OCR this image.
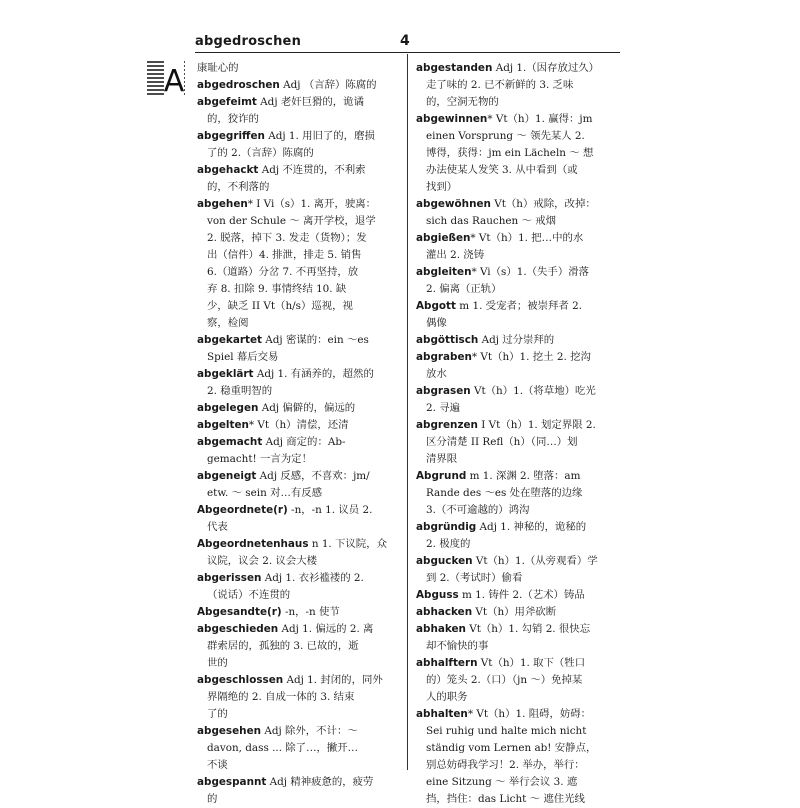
abgedroschen	4
A 康耻心的
abgedroschen Adj （言辞）陈腐的
abgefeimt Adj 老奸巨猾的，诡谲
的，狡诈的
abgegriffen Adj 1. 用旧了的，磨损
了的 2.（言辞）陈腐的
abgehackt Adj 不连贯的，不利索
的，不利落的
abgehen* I Vi（s）1. 离开，驶离：
von der Schule ～ 离开学校，退学
2. 脱落，掉下 3. 发走（货物）；发
出（信件）4. 排泄，排走 5. 销售
6.（道路）分岔 7. 不再坚持，放
弃 8. 扣除 9. 事情终结 10. 缺
少，缺乏 II Vt（h/s）巡视，视
察，检阅
abgekartet Adj 密谋的：ein ～es
Spiel 幕后交易
abgeklärt Adj 1. 有涵养的，超然的
2. 稳重明智的
abgelegen Adj 偏僻的，偏远的
abgelten* Vt（h）清偿，还清
abgemacht Adj 商定的：Ab-
gemacht! 一言为定！
abgeneigt Adj 反感，不喜欢：jm/
etw. ～ sein 对…有反感
Abgeordnete(r) -n，-n 1. 议员 2.
代表
Abgeordnetenhaus n 1. 下议院，众
议院，议会 2. 议会大楼
abgerissen Adj 1. 衣衫褴褛的 2.
（说话）不连贯的
Abgesandte(r) -n，-n 使节
abgeschieden Adj 1. 偏远的 2. 离
群索居的，孤独的 3. 已故的，逝
世的
abgeschlossen Adj 1. 封闭的，同外
界隔绝的 2. 自成一体的 3. 结束
了的
abgesehen Adj 除外，不计：～
davon, dass ... 除了…，撇开…
不谈
abgespannt Adj 精神疲惫的，疲劳
的
abgestanden Adj 1.（因存放过久）
走了味的 2. 已不新鲜的 3. 乏味
的，空洞无物的
abgewinnen* Vt（h）1. 赢得：jm
einen Vorsprung ～ 领先某人 2.
博得，获得：jm ein Lächeln ～ 想
办法使某人发笑 3. 从中看到（或
找到）
abgewöhnen Vt（h）戒除，改掉：
sich das Rauchen ～ 戒烟
abgießen* Vt（h）1. 把…中的水
灌出 2. 浇铸
abgleiten* Vi（s）1.（失手）滑落
2. 偏离（正轨）
Abgott m 1. 受宠者；被崇拜者 2.
偶像
abgöttisch Adj 过分崇拜的
abgraben* Vt（h）1. 挖土 2. 挖沟
放水
abgrasen Vt（h）1.（将草地）吃光
2. 寻遍
abgrenzen I Vt（h）1. 划定界限 2.
区分清楚 II Refl（h）（同…）划
清界限
Abgrund m 1. 深渊 2. 堕落：am
Rande des ～es 处在堕落的边缘
3.（不可逾越的）鸿沟
abgründig Adj 1. 神秘的，诡秘的
2. 极度的
abgucken Vt（h）1.（从旁观看）学
到 2.（考试时）偷看
Abguss m 1. 铸件 2.（艺术）铸品
abhacken Vt（h）用斧砍断
abhaken Vt（h）1. 勾销 2. 很快忘
却不愉快的事
abhalftern Vt（h）1. 取下（牲口
的）笼头 2.（口）（jn ～）免掉某
人的职务
abhalten* Vt（h）1. 阻碍，妨碍：
Sei ruhig und halte mich nicht
ständig vom Lernen ab! 安静点，
别总妨碍我学习！2. 举办，举行：
eine Sitzung ～ 举行会议 3. 遮
挡，挡住：das Licht ～ 遮住光线
